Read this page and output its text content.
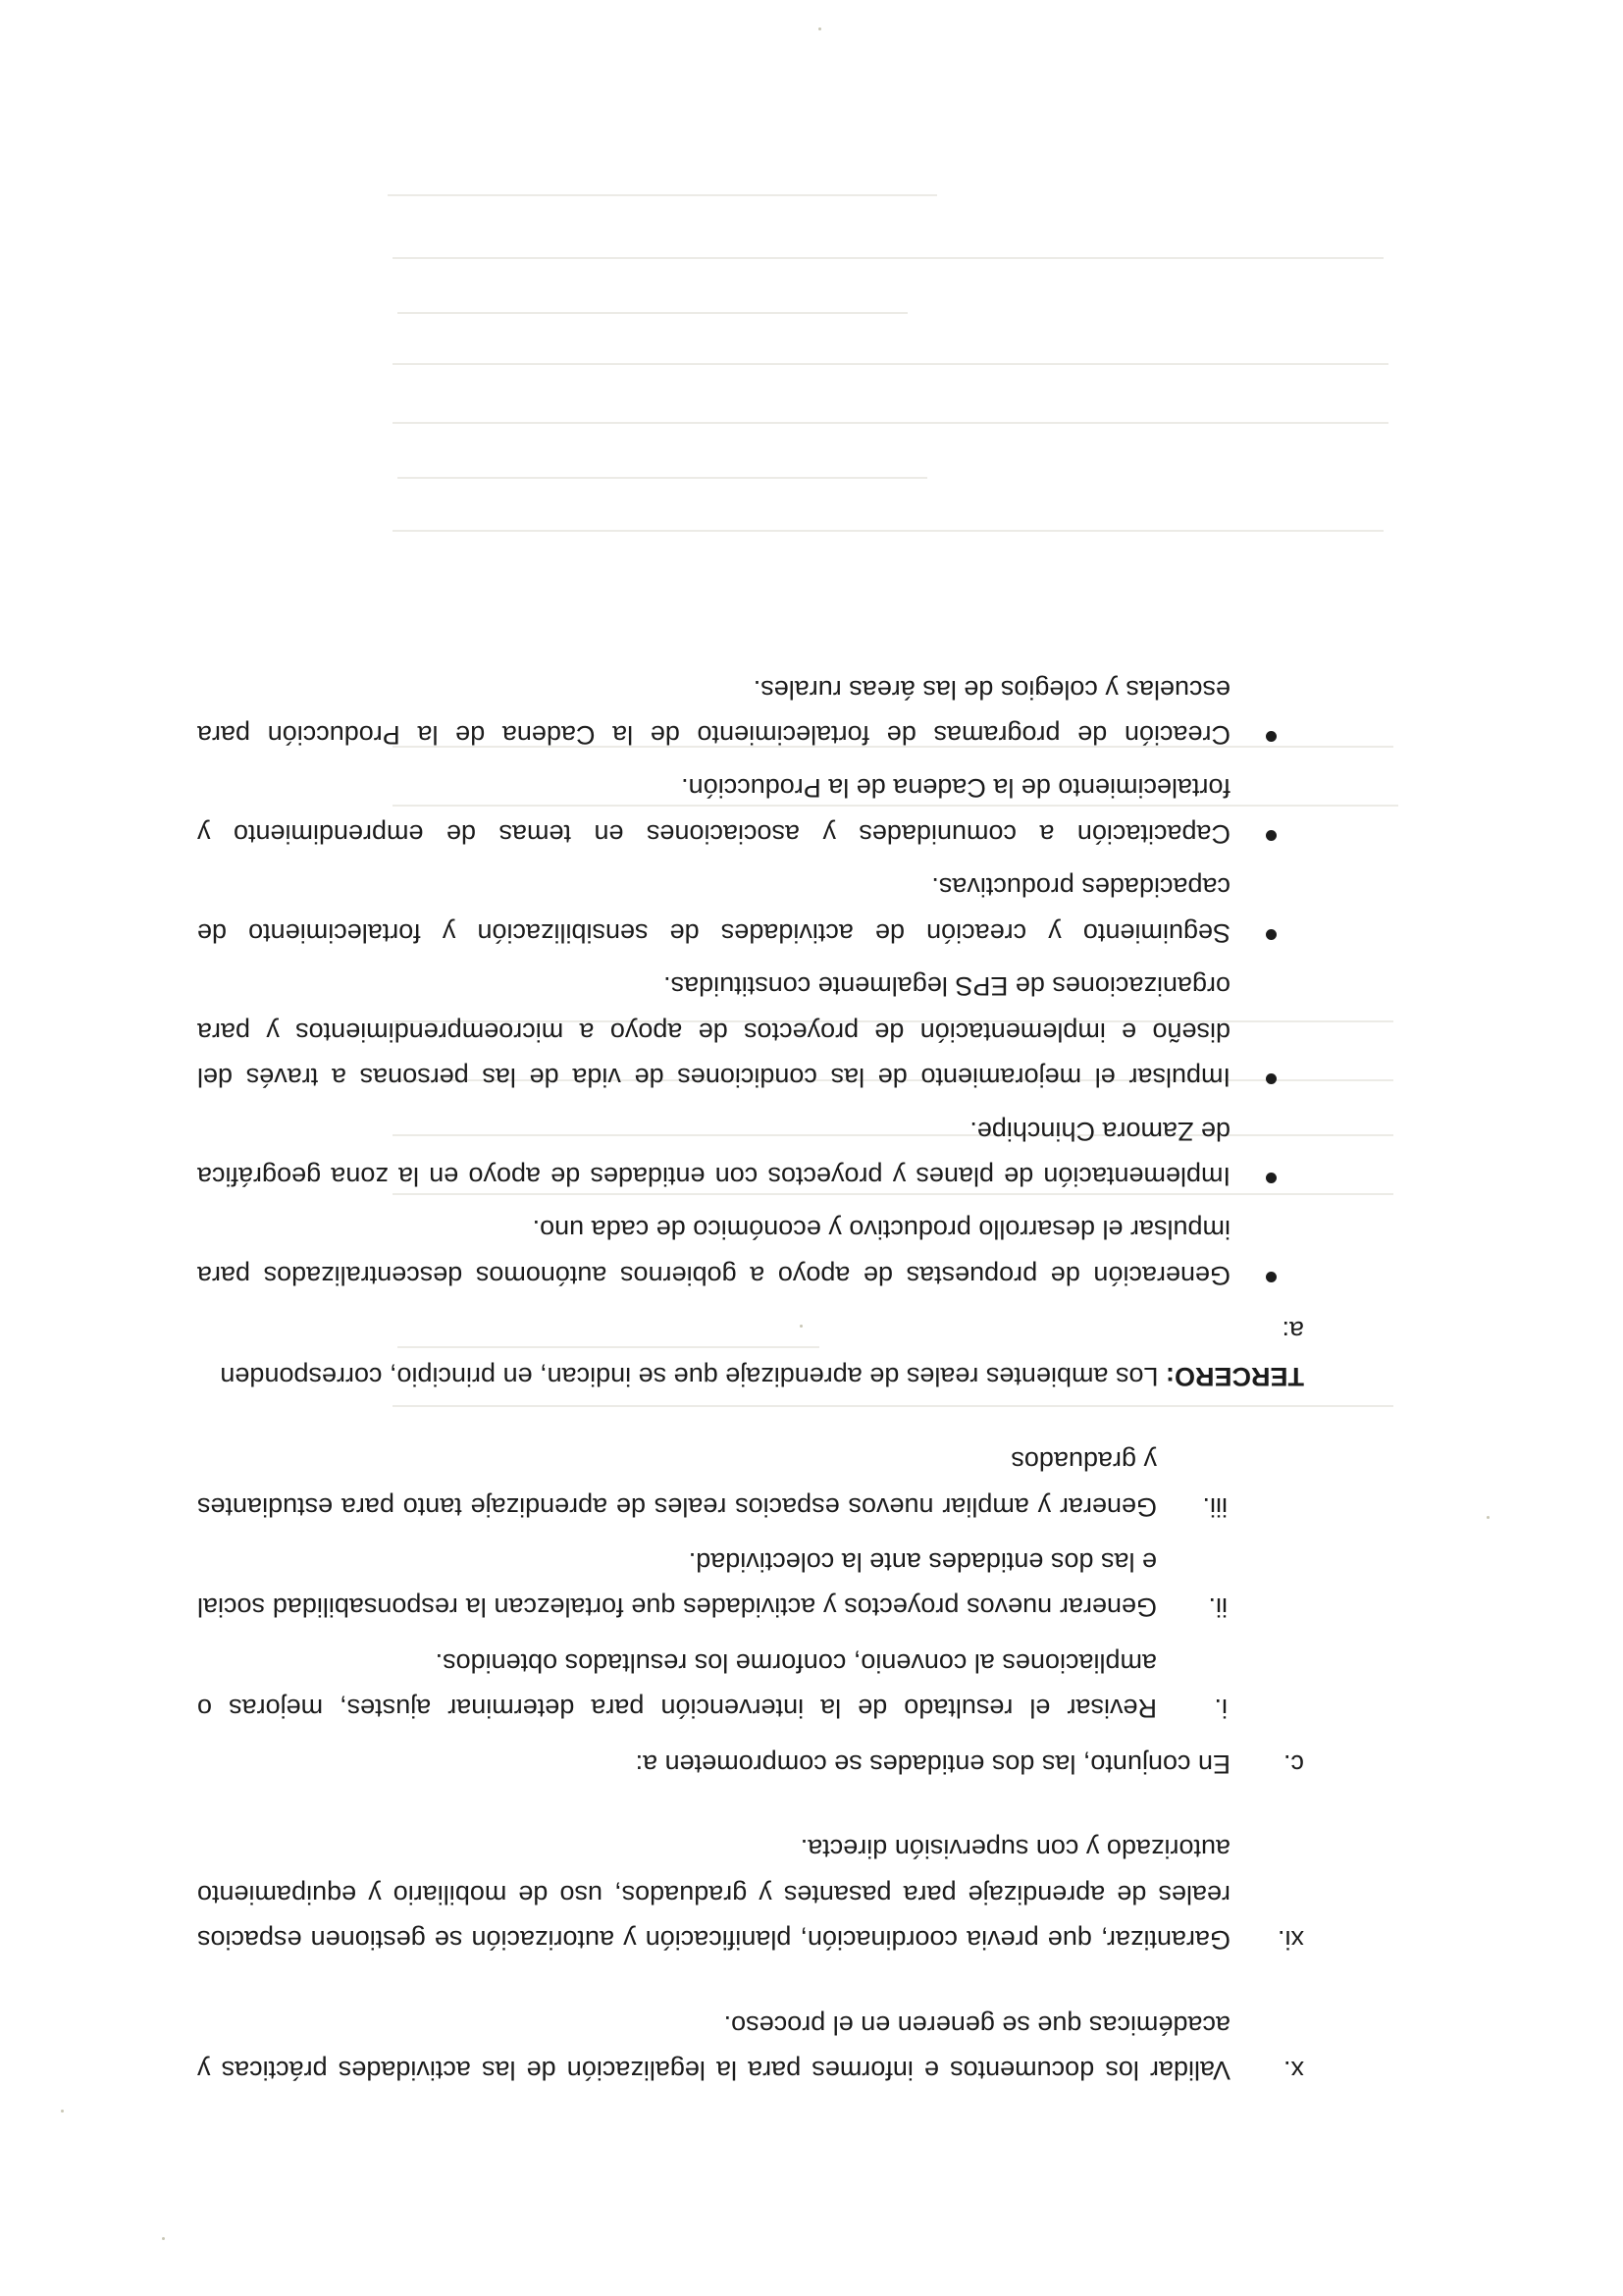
x.
Validar los documentos e informes para la legalización de las actividades prácticas y académicas que se generen en el proceso.
xi.
Garantizar, que previa coordinación, planificación y autorización se gestionen espacios reales de aprendizaje para pasantes y graduados, uso de mobiliario y equipamiento autorizado y con supervisión directa.
c.
En conjunto, las dos entidades se comprometen a:
i.
Revisar el resultado de la intervención para determinar ajustes, mejoras o ampliaciones al convenio, conforme los resultados obtenidos.
ii.
Generar nuevos proyectos y actividades que fortalezcan la responsabilidad social e las dos entidades ante la colectividad.
iii.
Generar y ampliar nuevos espacios reales de aprendizaje tanto para estudiantes y graduados
TERCERO: Los ambientes reales de aprendizaje que se indican, en principio, corresponden a:
Generación de propuestas de apoyo a gobiernos autónomos descentralizados para impulsar el desarrollo productivo y económico de cada uno.
Implementación de planes y proyectos con entidades de apoyo en la zona geográfica de Zamora Chinchipe.
Impulsar el mejoramiento de las condiciones de vida de las personas a través del diseño e implementación de proyectos de apoyo a microemprendimientos y para organizaciones de EPS legalmente constituidas.
Seguimiento y creación de actividades de sensibilización y fortalecimiento de capacidades productivas.
Capacitación a comunidades y asociaciones en temas de emprendimiento y fortalecimiento de la Cadena de la Producción.
Creación de programas de fortalecimiento de la Cadena de la Producción para escuelas y colegios de las áreas rurales.
